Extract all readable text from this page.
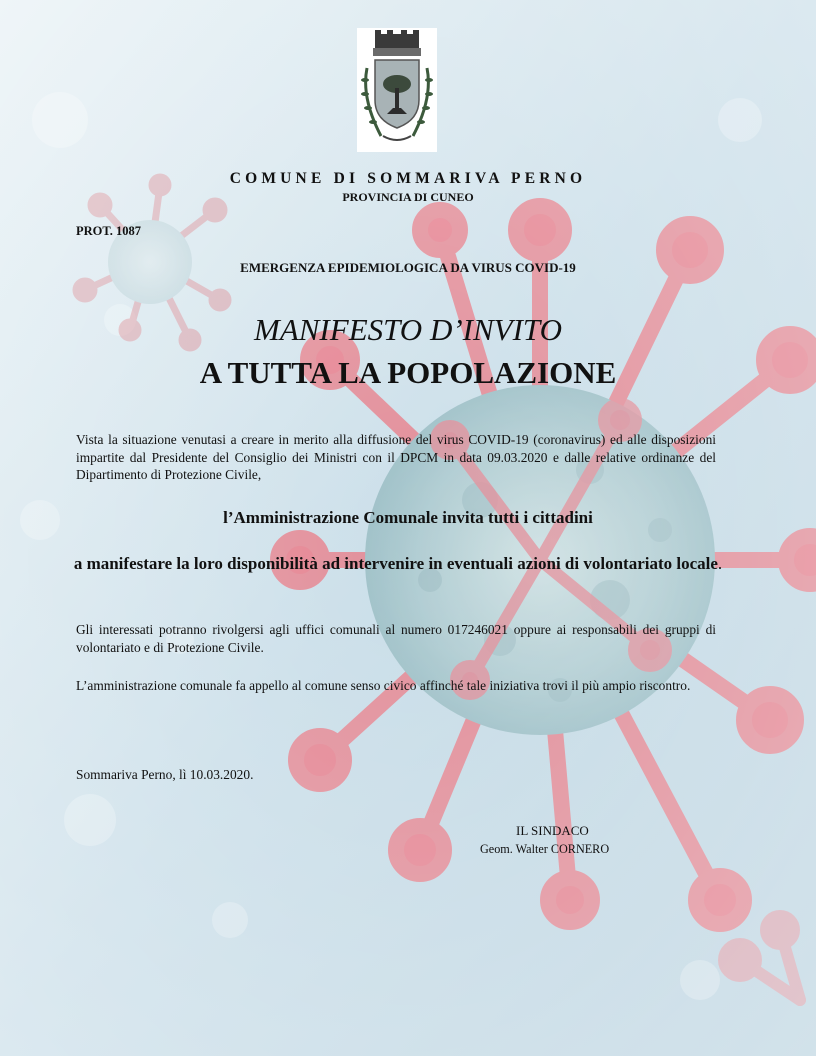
COMUNE DI SOMMARIVA PERNO
PROVINCIA DI CUNEO
PROT. 1087
EMERGENZA EPIDEMIOLOGICA DA VIRUS COVID-19
MANIFESTO D’INVITO
A TUTTA LA POPOLAZIONE
Vista la situazione venutasi a creare in merito alla diffusione del virus COVID-19 (coronavirus) ed alle disposizioni impartite dal Presidente del Consiglio dei Ministri con il DPCM in data 09.03.2020 e dalle relative ordinanze del Dipartimento di Protezione Civile,
l’Amministrazione Comunale invita tutti i cittadini
a manifestare la loro disponibilità ad intervenire in eventuali azioni di volontariato locale.
Gli interessati potranno rivolgersi agli uffici comunali al numero 017246021 oppure ai responsabili dei gruppi di volontariato e di Protezione Civile.
L’amministrazione comunale fa appello al comune senso civico affinché tale iniziativa trovi il più ampio riscontro.
Sommariva Perno, lì 10.03.2020.
IL SINDACO
Geom. Walter CORNERO
